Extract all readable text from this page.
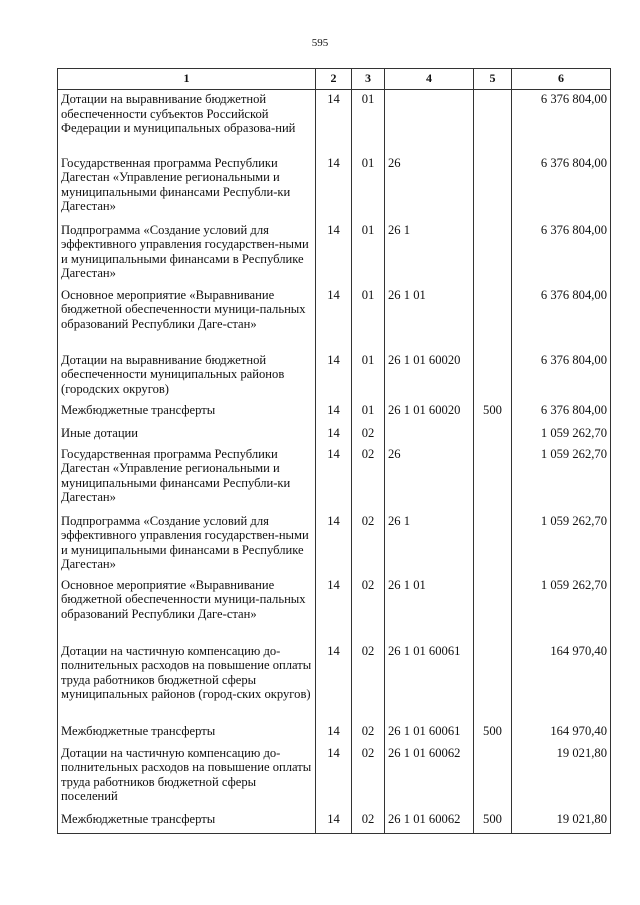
595
1	2	3	4	5	6
Дотации на выравнивание бюджетной обеспеченности субъектов Российской Федерации и муниципальных образова-ний	14	01			6 376 804,00
Государственная программа Республики Дагестан «Управление региональными и муниципальными финансами Республи-ки Дагестан»	14	01	26		6 376 804,00
Подпрограмма «Создание условий для эффективного управления государствен-ными и муниципальными финансами в Республике Дагестан»	14	01	26 1		6 376 804,00
Основное мероприятие «Выравнивание бюджетной обеспеченности муници-пальных образований Республики Даге-стан»	14	01	26 1 01		6 376 804,00
Дотации на выравнивание бюджетной обеспеченности муниципальных районов (городских округов)	14	01	26 1 01 60020		6 376 804,00
Межбюджетные трансферты	14	01	26 1 01 60020	500	6 376 804,00
Иные дотации	14	02			1 059 262,70
Государственная программа Республики Дагестан «Управление региональными и муниципальными финансами Республи-ки Дагестан»	14	02	26		1 059 262,70
Подпрограмма «Создание условий для эффективного управления государствен-ными и муниципальными финансами в Республике Дагестан»	14	02	26 1		1 059 262,70
Основное мероприятие «Выравнивание бюджетной обеспеченности муници-пальных образований Республики Даге-стан»	14	02	26 1 01		1 059 262,70
Дотации на частичную компенсацию до-полнительных расходов на повышение оплаты труда работников бюджетной сферы муниципальных районов (город-ских округов)	14	02	26 1 01 60061		164 970,40
Межбюджетные трансферты	14	02	26 1 01 60061	500	164 970,40
Дотации на частичную компенсацию до-полнительных расходов на повышение оплаты труда работников бюджетной сферы поселений	14	02	26 1 01 60062		19 021,80
Межбюджетные трансферты	14	02	26 1 01 60062	500	19 021,80
